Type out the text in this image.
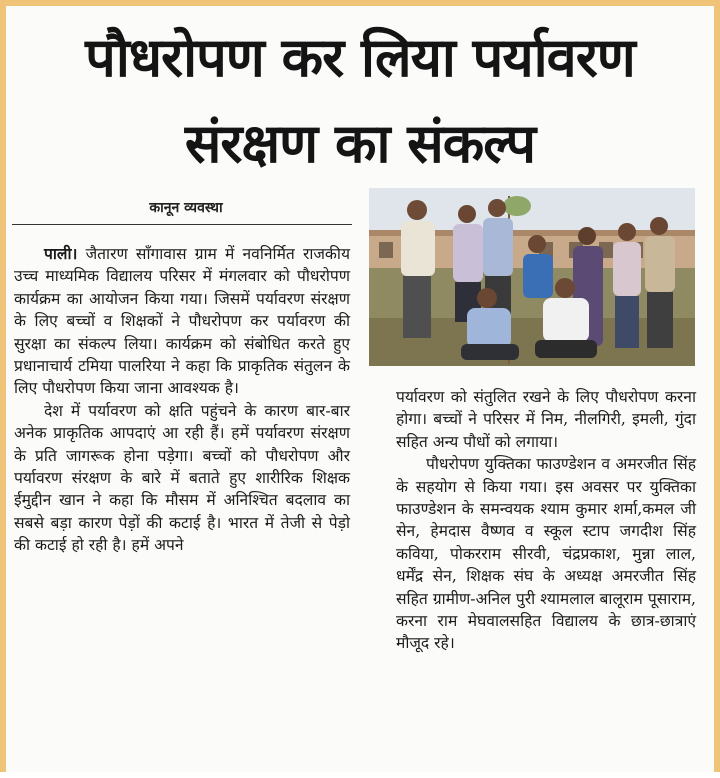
पौधरोपण कर लिया पर्यावरण
संरक्षण का संकल्प
कानून व्यवस्था

पाली। जैतारण साँगावास ग्राम में नवनिर्मित राजकीय उच्च माध्यमिक विद्यालय परिसर में मंगलवार को पौधरोपण कार्यक्रम का आयोजन किया गया। जिसमें पर्यावरण संरक्षण के लिए बच्चों व शिक्षकों ने पौधरोपण कर पर्यावरण की सुरक्षा का संकल्प लिया। कार्यक्रम को संबोधित करते हुए प्रधानाचार्य टमिया पालरिया ने कहा कि प्राकृतिक संतुलन के लिए पौधरोपण किया जाना आवश्यक है।

देश में पर्यावरण को क्षति पहुंचने के कारण बार-बार अनेक प्राकृतिक आपदाएं आ रही हैं। हमें पर्यावरण संरक्षण के प्रति जागरूक होना पड़ेगा। बच्चों को पौधरोपण और पर्यावरण संरक्षण के बारे में बताते हुए शारीरिक शिक्षक ईमुद्दीन खान ने कहा कि मौसम में अनिश्चित बदलाव का सबसे बड़ा कारण पेड़ों की कटाई है। भारत में तेजी से पेड़ो की कटाई हो रही है। हमें अपने

पर्यावरण को संतुलित रखने के लिए पौधरोपण करना होगा। बच्चों ने परिसर में निम, नीलगिरी, इमली, गुंदा सहित अन्य पौधों को लगाया।

पौधरोपण युक्तिका फाउण्डेशन व अमरजीत सिंह के सहयोग से किया गया। इस अवसर पर युक्तिका फाउण्डेशन के समन्वयक श्याम कुमार शर्मा,कमल जी सेन, हेमदास वैष्णव व स्कूल स्टाप जगदीश सिंह कविया, पोकरराम सीरवी, चंद्रप्रकाश, मुन्ना लाल, धर्मेंद्र सेन, शिक्षक संघ के अध्यक्ष अमरजीत सिंह सहित ग्रामीण-अनिल पुरी श्यामलाल बालूराम पूसाराम, करना राम मेघवालसहित विद्यालय के छात्र-छात्राएं मौजूद रहे।
